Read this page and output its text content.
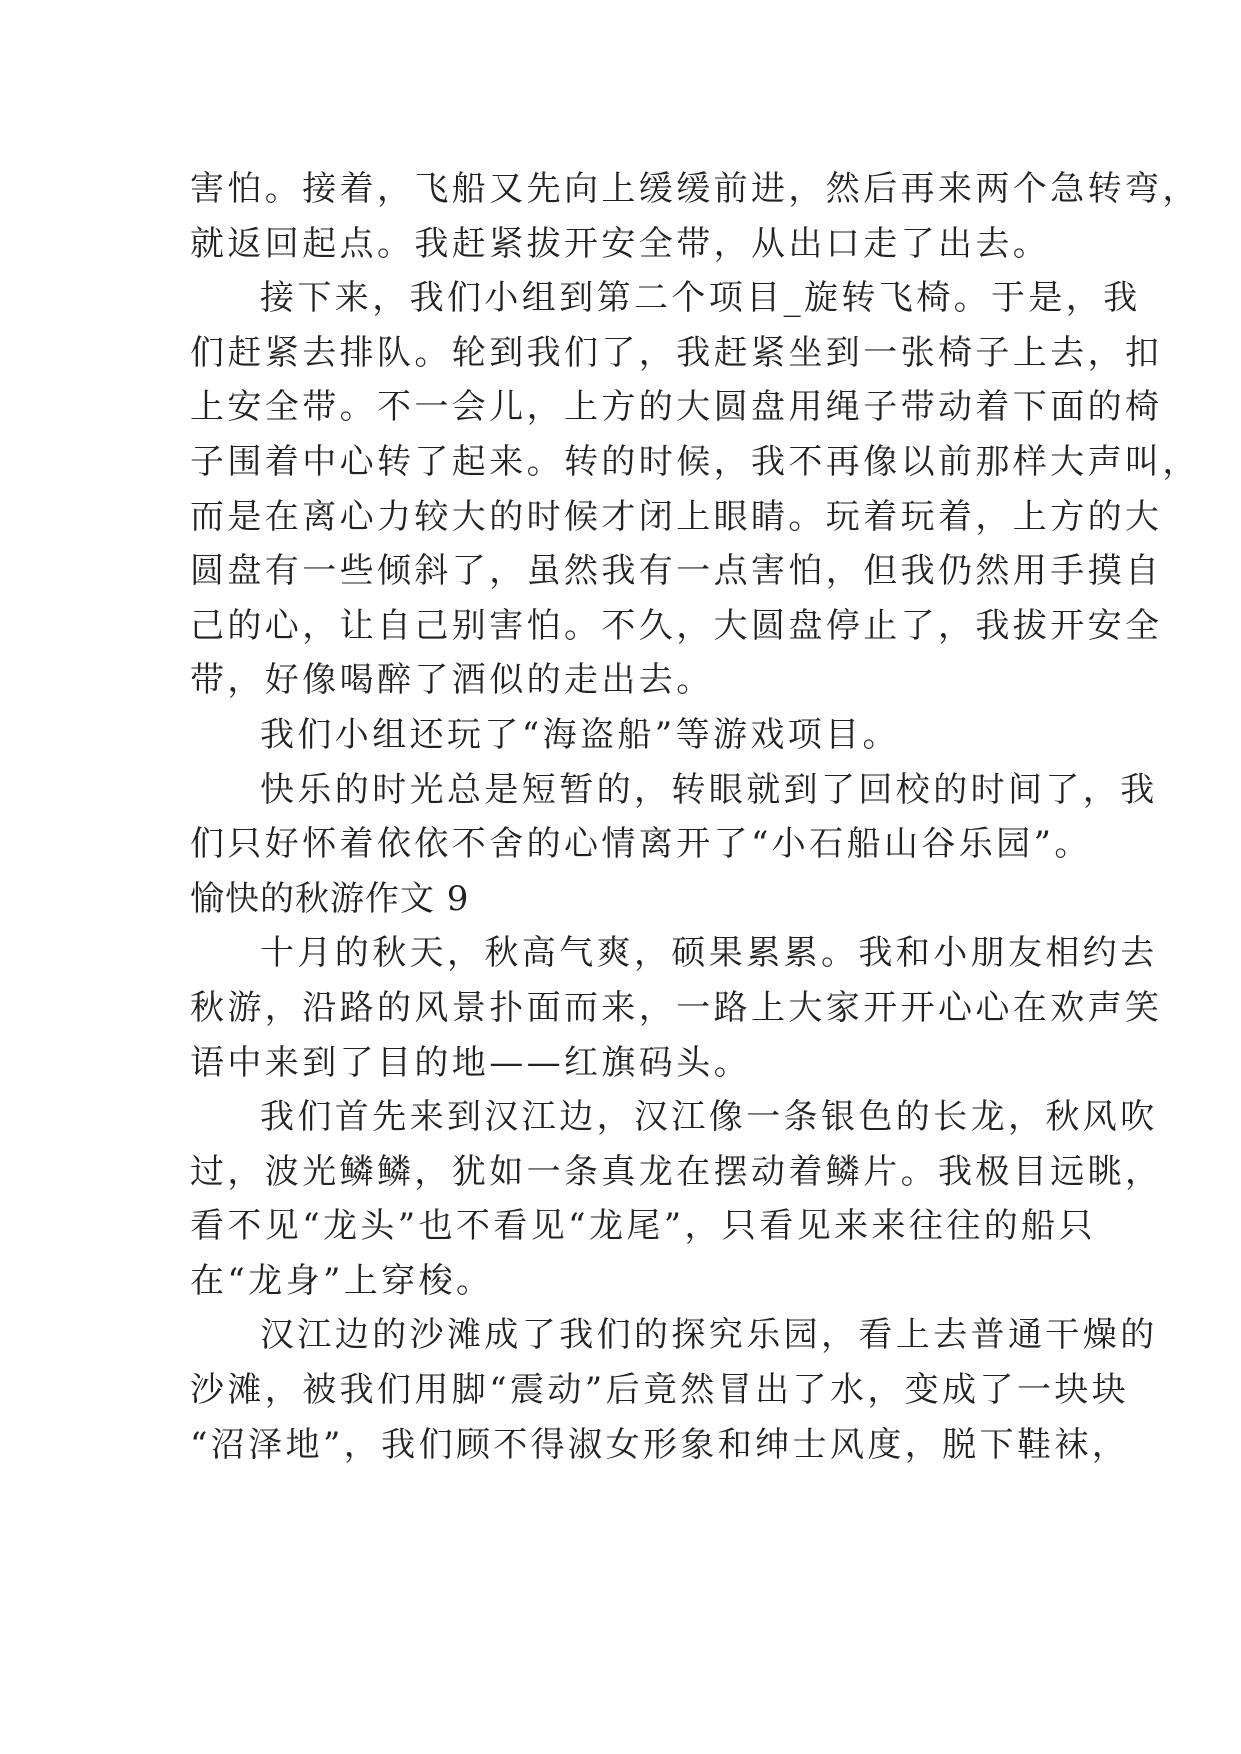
害怕。接着，飞船又先向上缓缓前进，然后再来两个急转弯，
就返回起点。我赶紧拔开安全带，从出口走了出去。
接下来，我们小组到第二个项目_旋转飞椅。于是，我
们赶紧去排队。轮到我们了，我赶紧坐到一张椅子上去，扣
上安全带。不一会儿，上方的大圆盘用绳子带动着下面的椅
子围着中心转了起来。转的时候，我不再像以前那样大声叫，
而是在离心力较大的时候才闭上眼睛。玩着玩着，上方的大
圆盘有一些倾斜了，虽然我有一点害怕，但我仍然用手摸自
己的心，让自己别害怕。不久，大圆盘停止了，我拔开安全
带，好像喝醉了酒似的走出去。
我们小组还玩了“海盗船”等游戏项目。
快乐的时光总是短暂的，转眼就到了回校的时间了，我
们只好怀着依依不舍的心情离开了“小石船山谷乐园”。
愉快的秋游作文 9
十月的秋天，秋高气爽，硕果累累。我和小朋友相约去
秋游，沿路的风景扑面而来，一路上大家开开心心在欢声笑
语中来到了目的地——红旗码头。
我们首先来到汉江边，汉江像一条银色的长龙，秋风吹
过，波光鳞鳞，犹如一条真龙在摆动着鳞片。我极目远眺，
看不见“龙头”也不看见“龙尾”，只看见来来往往的船只
在“龙身”上穿梭。
汉江边的沙滩成了我们的探究乐园，看上去普通干燥的
沙滩，被我们用脚“震动”后竟然冒出了水，变成了一块块
“沼泽地”，我们顾不得淑女形象和绅士风度，脱下鞋袜，
